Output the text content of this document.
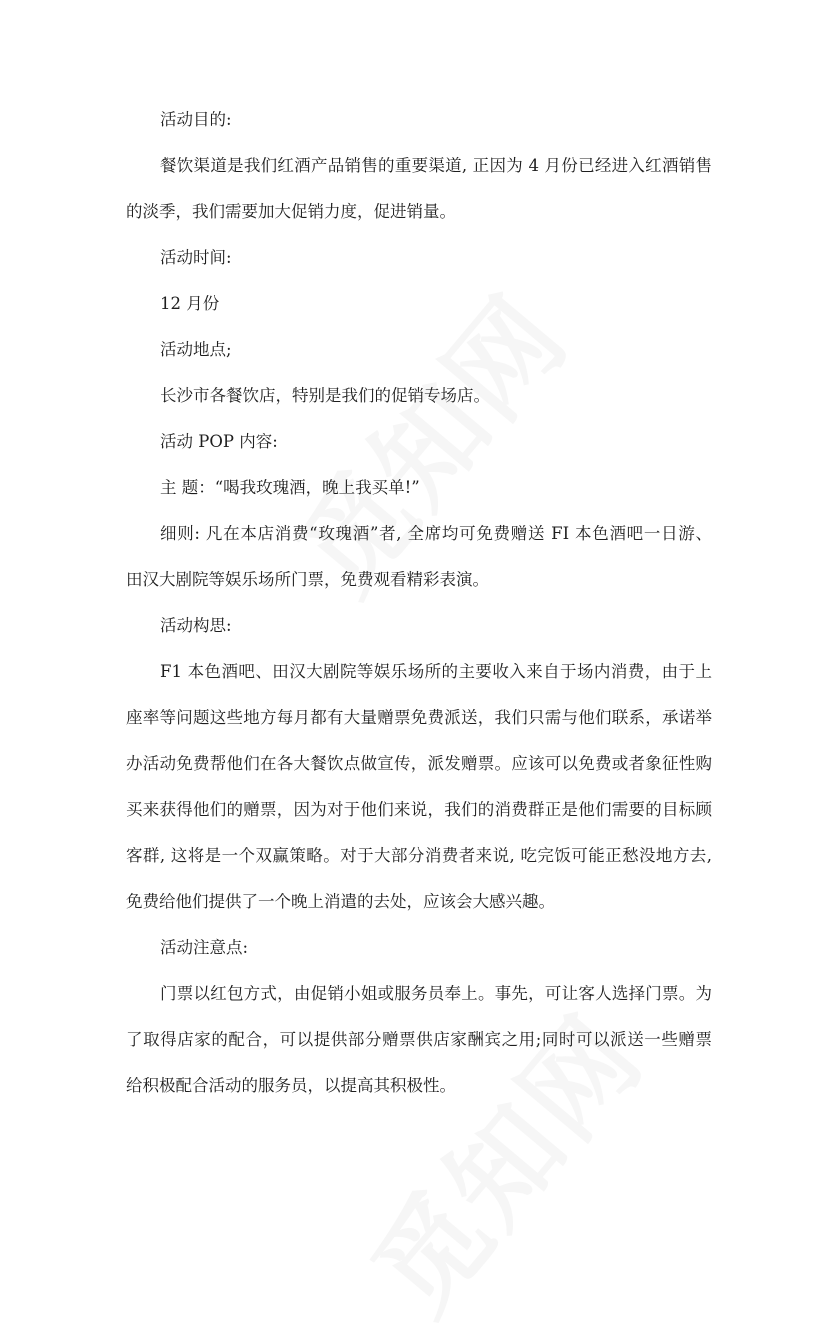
活动目的:

餐饮渠道是我们红酒产品销售的重要渠道, 正因为 4 月份已经进入红酒销售

的淡季，我们需要加大促销力度，促进销量。

活动时间:

12 月份

活动地点;

长沙市各餐饮店，特别是我们的促销专场店。

活动 POP 内容:

主 题：“喝我玫瑰酒，晚上我买单!”

细则: 凡在本店消费“玫瑰酒”者, 全席均可免费赠送 FI 本色酒吧一日游、

田汉大剧院等娱乐场所门票，免费观看精彩表演。

活动构思:

F1 本色酒吧、田汉大剧院等娱乐场所的主要收入来自于场内消费，由于上

座率等问题这些地方每月都有大量赠票免费派送，我们只需与他们联系，承诺举

办活动免费帮他们在各大餐饮点做宣传，派发赠票。应该可以免费或者象征性购

买来获得他们的赠票，因为对于他们来说，我们的消费群正是他们需要的目标顾

客群, 这将是一个双赢策略。对于大部分消费者来说, 吃完饭可能正愁没地方去,

免费给他们提供了一个晚上消遣的去处，应该会大感兴趣。

活动注意点:

门票以红包方式，由促销小姐或服务员奉上。事先，可让客人选择门票。为

了取得店家的配合，可以提供部分赠票供店家酬宾之用;同时可以派送一些赠票

给积极配合活动的服务员，以提高其积极性。
